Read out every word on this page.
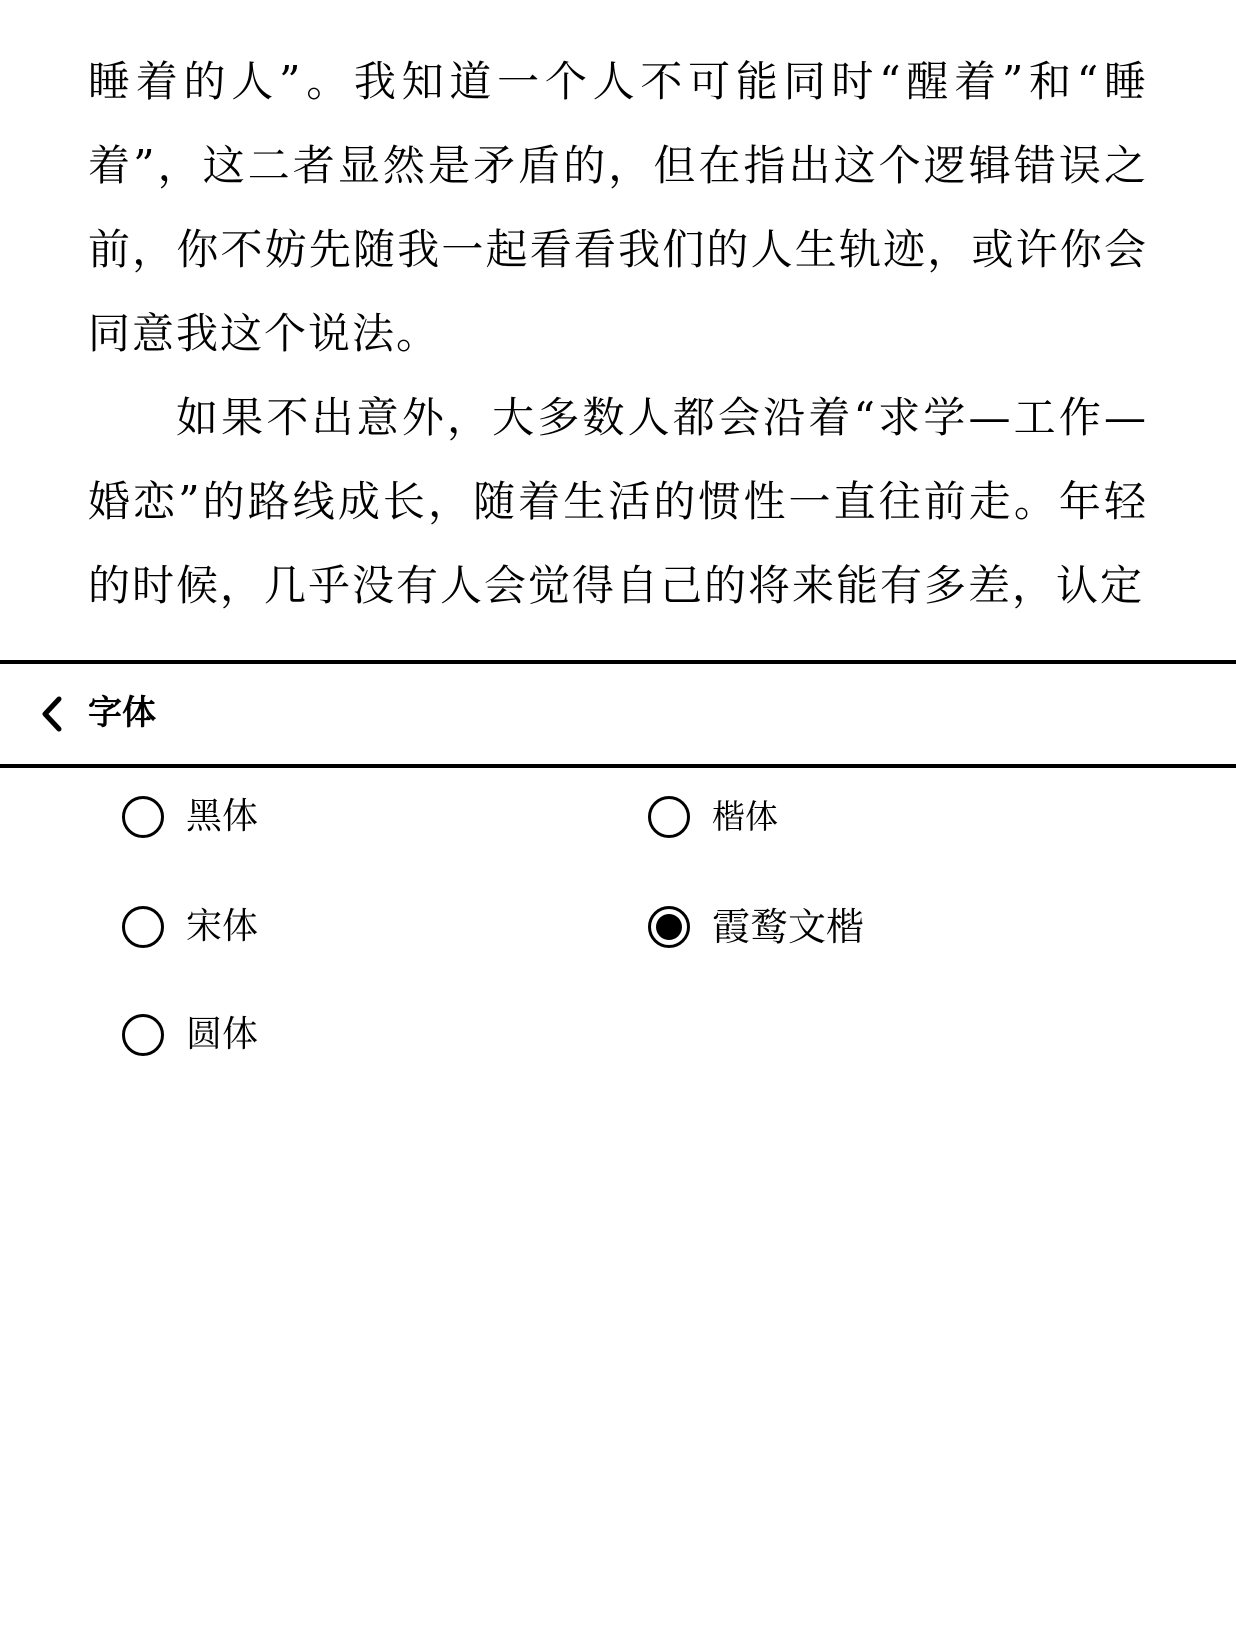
睡着的人”。我知道一个人不可能同时“醒着”和“睡着”，这二者显然是矛盾的，但在指出这个逻辑错误之前，你不妨先随我一起看看我们的人生轨迹，或许你会同意我这个说法。

如果不出意外，大多数人都会沿着“求学—工作—婚恋”的路线成长，随着生活的惯性一直往前走。年轻的时候，几乎没有人会觉得自己的将来能有多差，认定

字体
黑体	楷体
宋体	霞鹜文楷
圆体
